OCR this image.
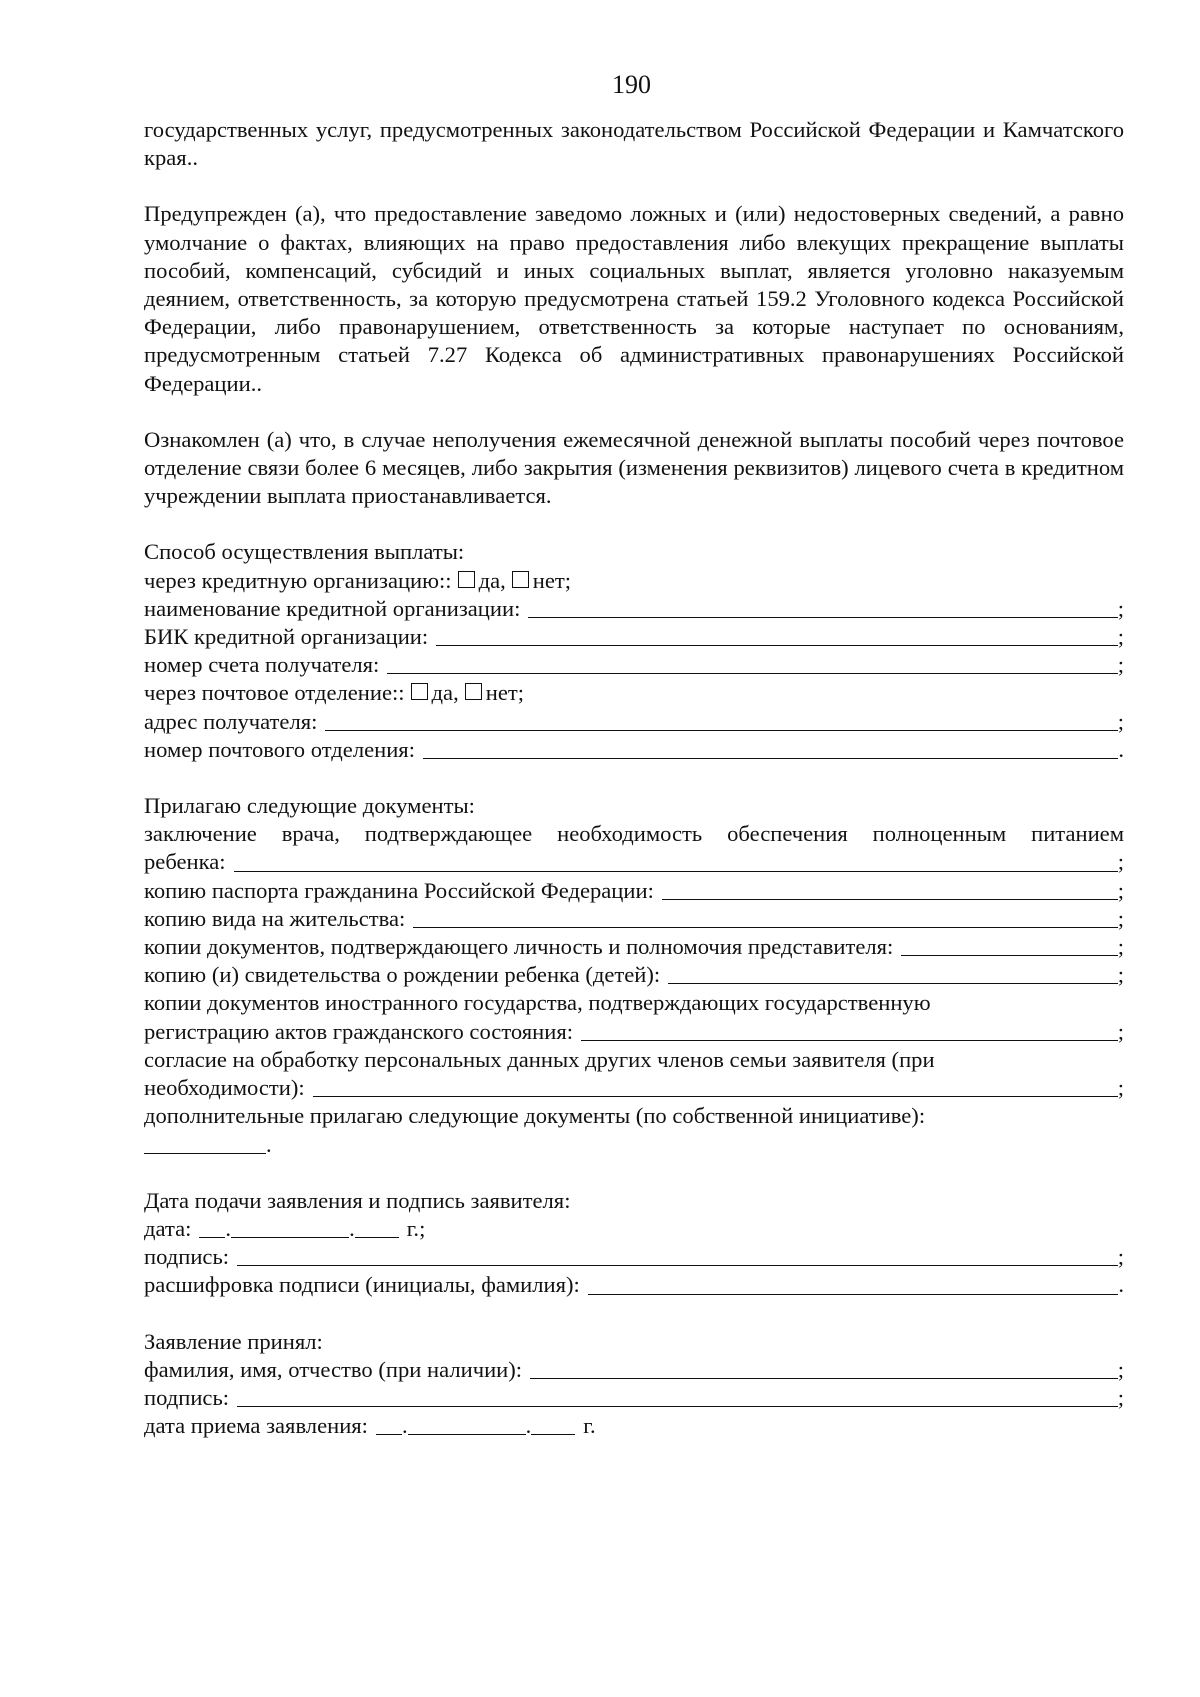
190

государственных услуг, предусмотренных законодательством Российской Федерации и Камчатского края..

Предупрежден (а), что предоставление заведомо ложных и (или) недостоверных сведений, а равно умолчание о фактах, влияющих на право предоставления либо влекущих прекращение выплаты пособий, компенсаций, субсидий и иных социальных выплат, является уголовно наказуемым деянием, ответственность, за которую предусмотрена статьей 159.2 Уголовного кодекса Российской Федерации, либо правонарушением, ответственность за которые наступает по основаниям, предусмотренным статьей 7.27 Кодекса об административных правонарушениях Российской Федерации..

Ознакомлен (а) что, в случае неполучения ежемесячной денежной выплаты пособий через почтовое отделение связи более 6 месяцев, либо закрытия (изменения реквизитов) лицевого счета в кредитном учреждении выплата приостанавливается.

Способ осуществления выплаты:
через кредитную организацию:: да, нет;
наименование кредитной организации:	;
БИК кредитной организации:	;
номер счета получателя:	;
через почтовое отделение:: да, нет;
адрес получателя:	;
номер почтового отделения:	.
Прилагаю следующие документы:
заключение врача, подтверждающее необходимость обеспечения полноценным питанием
ребенка:	;
копию паспорта гражданина Российской Федерации:	;
копию вида на жительства:	;
копии документов, подтверждающего личность и полномочия представителя:	;
копию (и) свидетельства о рождении ребенка (детей):	;
копии документов иностранного государства, подтверждающих государственную
регистрацию актов гражданского состояния:	;
согласие на обработку персональных данных других членов семьи заявителя (при
необходимости):	;
дополнительные прилагаю следующие документы (по собственной инициативе):
.
Дата подачи заявления и подпись заявителя:
дата: .	. г.;
подпись:	;
расшифровка подписи (инициалы, фамилия):	.
Заявление принял:
фамилия, имя, отчество (при наличии):	;
подпись:	;
дата приема заявления: .	. г.
